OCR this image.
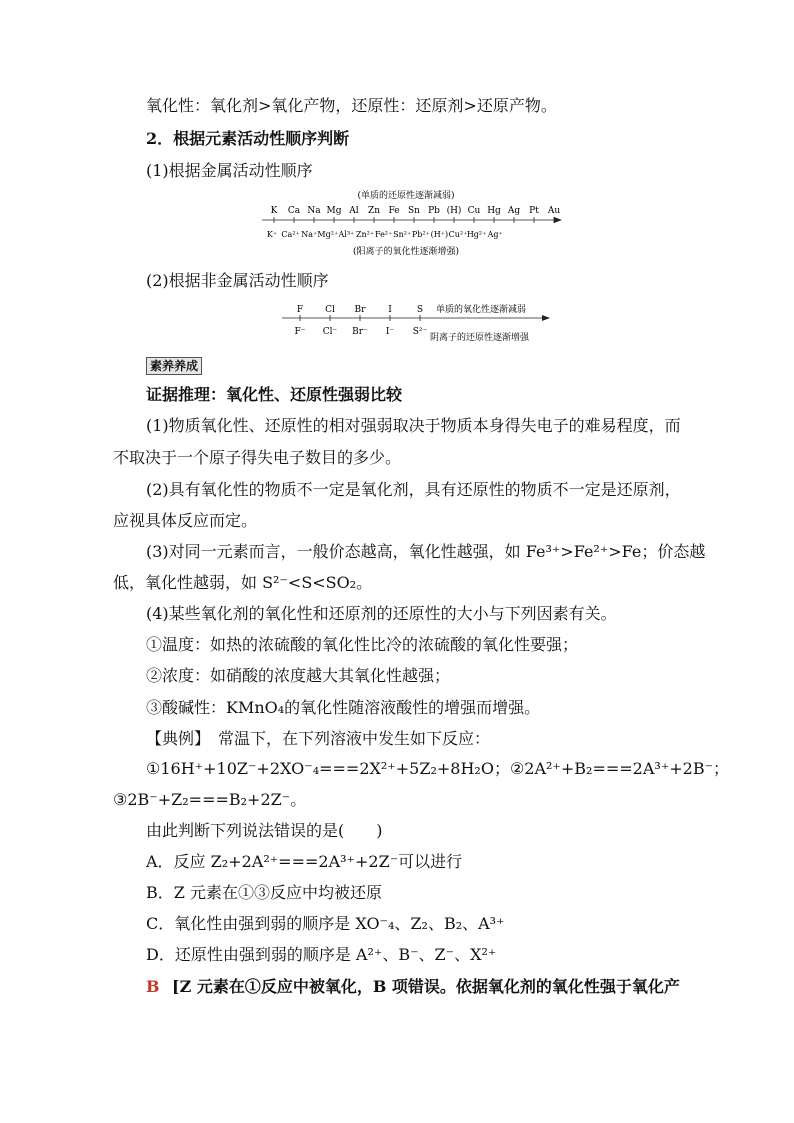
氧化性：氧化剂>氧化产物，还原性：还原剂>还原产物。
2．根据元素活动性顺序判断
(1)根据金属活动性顺序
(单质的还原性逐渐减弱)
K Ca Na Mg Al Zn Fe Sn Pb (H) Cu Hg Ag Pt Au
K⁺ Ca²⁺ Na⁺ Mg²⁺ Al³⁺ Zn²⁺ Fe²⁺ Sn²⁺ Pb²⁺ (H⁺) Cu²⁺ Hg²⁺ Ag⁺
(阳离子的氧化性逐渐增强)
(2)根据非金属活动性顺序
F Cl Br	I	S
F⁻ Cl⁻ Br⁻ I⁻ S²⁻
单质的氧化性逐渐减弱
阴离子的还原性逐渐增强
素养养成
证据推理：氧化性、还原性强弱比较
(1)物质氧化性、还原性的相对强弱取决于物质本身得失电子的难易程度，而
不取决于一个原子得失电子数目的多少。
(2)具有氧化性的物质不一定是氧化剂，具有还原性的物质不一定是还原剂，
应视具体反应而定。
(3)对同一元素而言，一般价态越高，氧化性越强，如 Fe³⁺>Fe²⁺>Fe；价态越
低，氧化性越弱，如 S²⁻<S<SO₂。
(4)某些氧化剂的氧化性和还原剂的还原性的大小与下列因素有关。
①温度：如热的浓硫酸的氧化性比冷的浓硫酸的氧化性要强；
②浓度：如硝酸的浓度越大其氧化性越强；
③酸碱性：KMnO₄的氧化性随溶液酸性的增强而增强。
【典例】　常温下，在下列溶液中发生如下反应：
①16H⁺+10Z⁻+2XO⁻₄===2X²⁺+5Z₂+8H₂O；②2A²⁺+B₂===2A³⁺+2B⁻；
③2B⁻+Z₂===B₂+2Z⁻。
由此判断下列说法错误的是(　　)
A．反应 Z₂+2A²⁺===2A³⁺+2Z⁻可以进行
B．Z 元素在①③反应中均被还原
C．氧化性由强到弱的顺序是 XO⁻₄、Z₂、B₂、A³⁺
D．还原性由强到弱的顺序是 A²⁺、B⁻、Z⁻、X²⁺
B [Z 元素在①反应中被氧化，B 项错误。依据氧化剂的氧化性强于氧化产
